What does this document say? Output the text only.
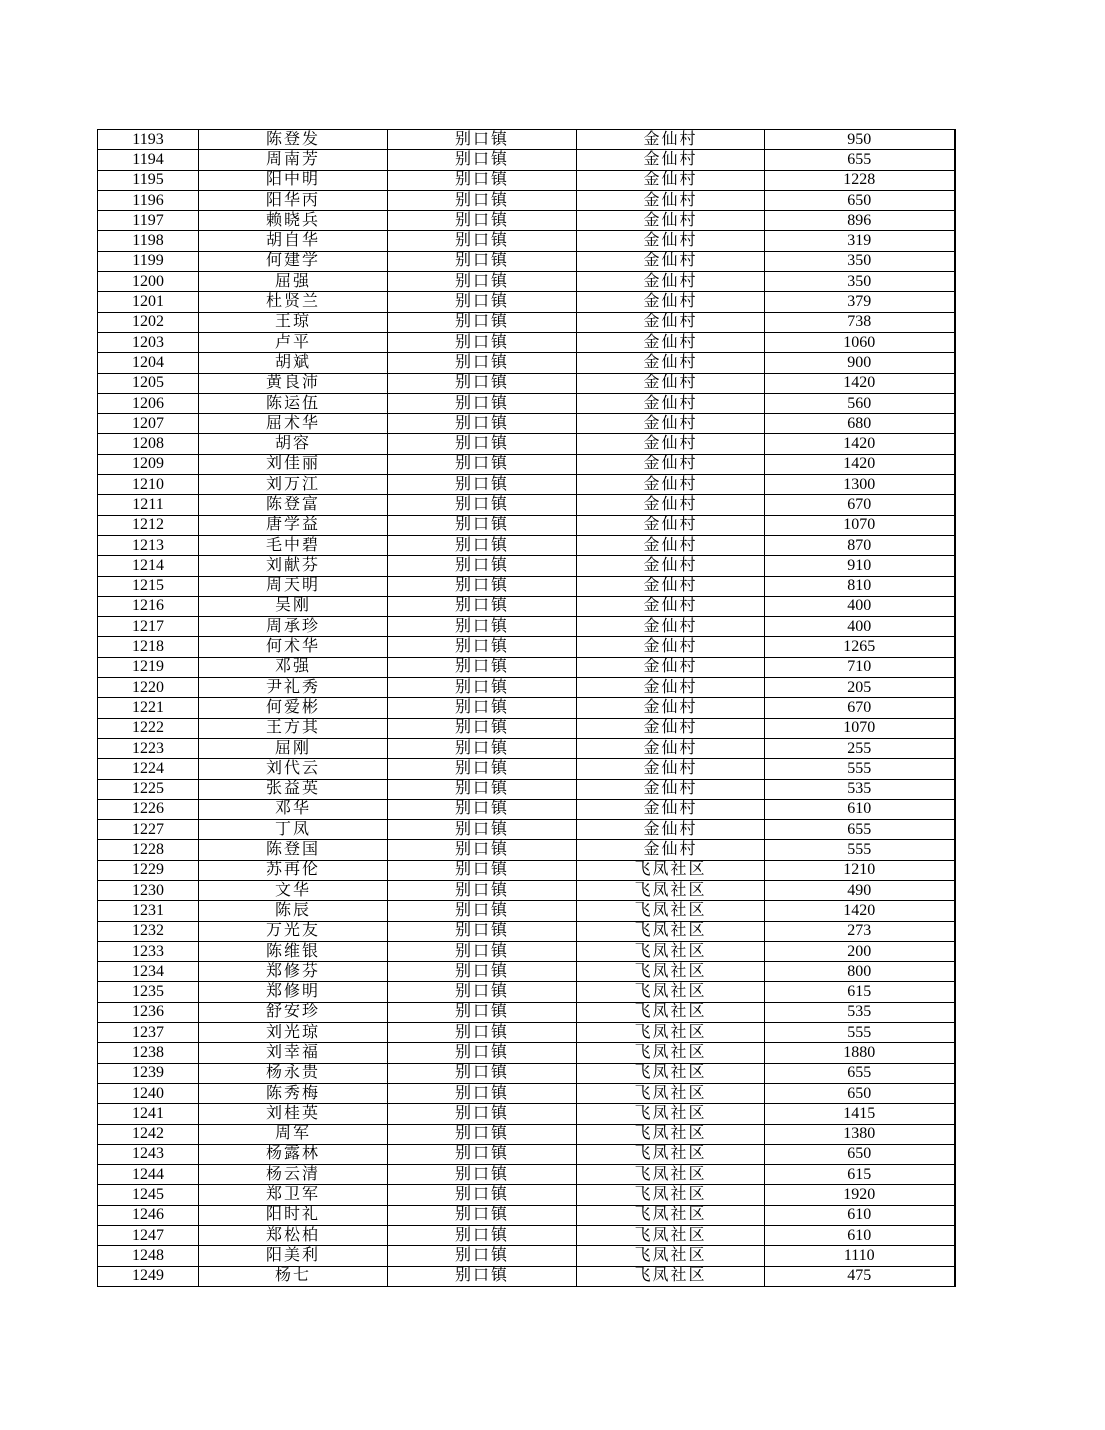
1193	陈登发	别口镇	金仙村	950
1194	周南芳	别口镇	金仙村	655
1195	阳中明	别口镇	金仙村	1228
1196	阳华丙	别口镇	金仙村	650
1197	赖晓兵	别口镇	金仙村	896
1198	胡自华	别口镇	金仙村	319
1199	何建学	别口镇	金仙村	350
1200	屈强	别口镇	金仙村	350
1201	杜贤兰	别口镇	金仙村	379
1202	王琼	别口镇	金仙村	738
1203	卢平	别口镇	金仙村	1060
1204	胡斌	别口镇	金仙村	900
1205	黄良沛	别口镇	金仙村	1420
1206	陈运伍	别口镇	金仙村	560
1207	屈术华	别口镇	金仙村	680
1208	胡容	别口镇	金仙村	1420
1209	刘佳丽	别口镇	金仙村	1420
1210	刘万江	别口镇	金仙村	1300
1211	陈登富	别口镇	金仙村	670
1212	唐学益	别口镇	金仙村	1070
1213	毛中碧	别口镇	金仙村	870
1214	刘献芬	别口镇	金仙村	910
1215	周天明	别口镇	金仙村	810
1216	吴刚	别口镇	金仙村	400
1217	周承珍	别口镇	金仙村	400
1218	何术华	别口镇	金仙村	1265
1219	邓强	别口镇	金仙村	710
1220	尹礼秀	别口镇	金仙村	205
1221	何爱彬	别口镇	金仙村	670
1222	王方其	别口镇	金仙村	1070
1223	屈刚	别口镇	金仙村	255
1224	刘代云	别口镇	金仙村	555
1225	张益英	别口镇	金仙村	535
1226	邓华	别口镇	金仙村	610
1227	丁凤	别口镇	金仙村	655
1228	陈登国	别口镇	金仙村	555
1229	苏再伦	别口镇	飞凤社区	1210
1230	文华	别口镇	飞凤社区	490
1231	陈辰	别口镇	飞凤社区	1420
1232	万光友	别口镇	飞凤社区	273
1233	陈维银	别口镇	飞凤社区	200
1234	郑修芬	别口镇	飞凤社区	800
1235	郑修明	别口镇	飞凤社区	615
1236	舒安珍	别口镇	飞凤社区	535
1237	刘光琼	别口镇	飞凤社区	555
1238	刘幸福	别口镇	飞凤社区	1880
1239	杨永贵	别口镇	飞凤社区	655
1240	陈秀梅	别口镇	飞凤社区	650
1241	刘桂英	别口镇	飞凤社区	1415
1242	周军	别口镇	飞凤社区	1380
1243	杨露林	别口镇	飞凤社区	650
1244	杨云清	别口镇	飞凤社区	615
1245	郑卫军	别口镇	飞凤社区	1920
1246	阳时礼	别口镇	飞凤社区	610
1247	郑松柏	别口镇	飞凤社区	610
1248	阳美利	别口镇	飞凤社区	1110
1249	杨七	别口镇	飞凤社区	475
